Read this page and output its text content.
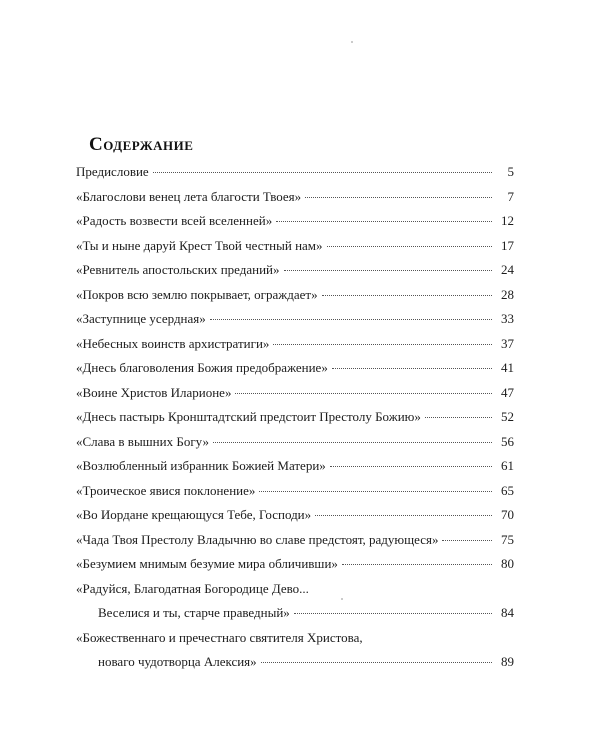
Содержание
Предисловие	5
«Благослови венец лета благости Твоея»	7
«Радость возвести всей вселенней»	12
«Ты и ныне даруй Крест Твой честный нам»	17
«Ревнитель апостольских преданий»	24
«Покров всю землю покрывает, ограждает»	28
«Заступнице усердная»	33
«Небесных воинств архистратиги»	37
«Днесь благоволения Божия предображение»	41
«Воине Христов Иларионе»	47
«Днесь пастырь Кронштадтский предстоит Престолу Божию»	52
«Слава в вышних Богу»	56
«Возлюбленный избранник Божией Матери»	61
«Троическое явися поклонение»	65
«Во Иордане крещающуся Тебе, Господи»	70
«Чада Твоя Престолу Владычню во славе предстоят, радующеся»	75
«Безумием мнимым безумие мира обличивши»	80
«Радуйся, Благодатная Богородице Дево...
Веселися и ты, старче праведный»	84
«Божественнаго и пречестнаго святителя Христова,
новаго чудотворца Алексия»	89
